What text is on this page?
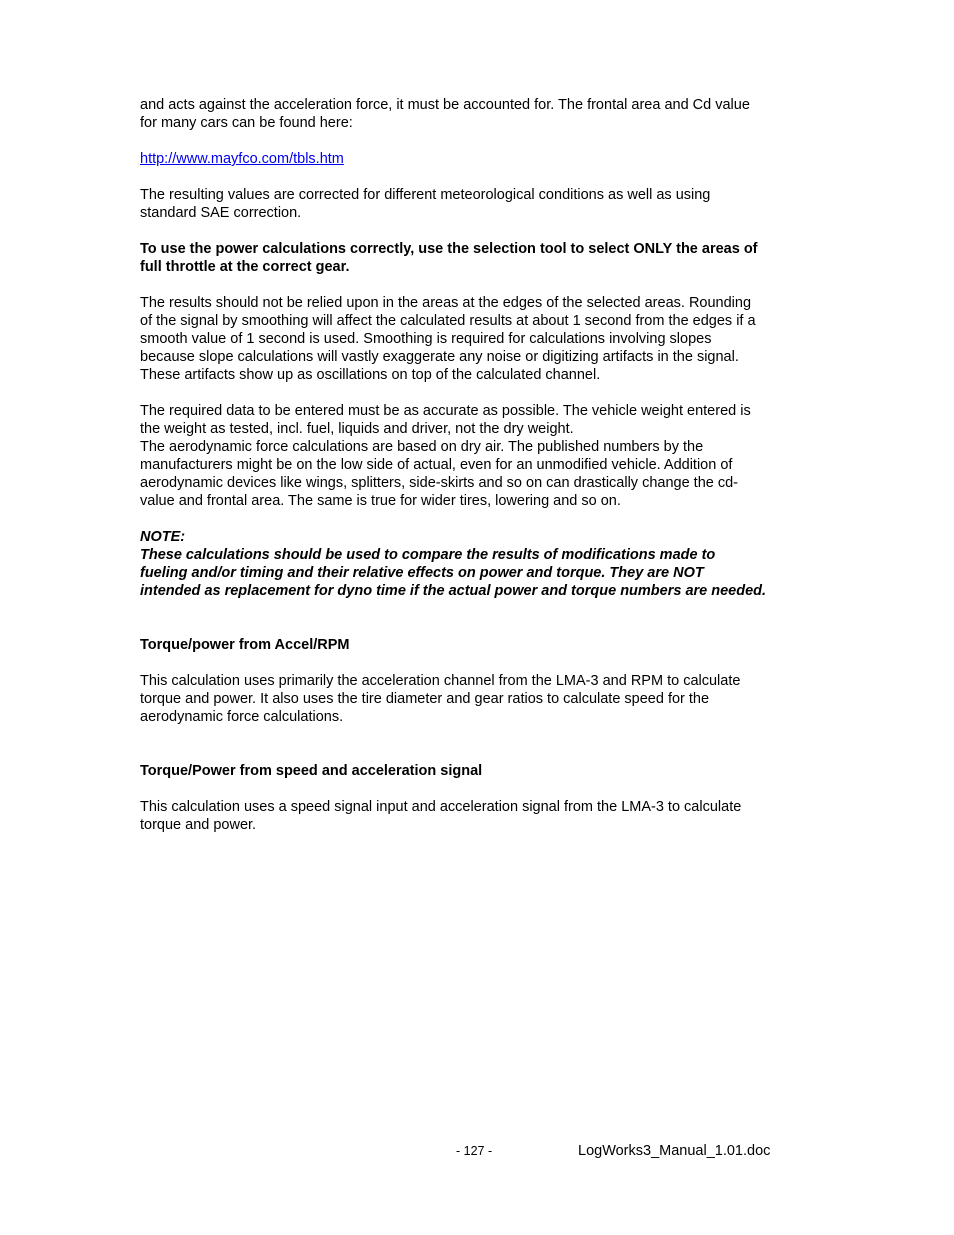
and acts against the acceleration force, it must be accounted for. The frontal area and Cd value
for many cars can be found here:

http://www.mayfco.com/tbls.htm

The resulting values are corrected for different meteorological conditions as well as using
standard SAE correction.

To use the power calculations correctly, use the selection tool to select ONLY the areas of
full throttle at the correct gear.

The results should not be relied upon in the areas at the edges of the selected areas. Rounding
of the signal by smoothing will affect the calculated results at about 1 second from the edges if a
smooth value of 1 second is used. Smoothing is required for calculations involving slopes
because slope calculations will vastly exaggerate any noise or digitizing artifacts in the signal.
These artifacts show up as oscillations on top of the calculated channel.

The required data to be entered must be as accurate as possible. The vehicle weight entered is
the weight as tested, incl. fuel, liquids and driver, not the dry weight.
The aerodynamic force calculations are based on dry air. The published numbers by the
manufacturers might be on the low side of actual, even for an unmodified vehicle. Addition of
aerodynamic devices like wings, splitters, side-skirts and so on can drastically change the cd-
value and frontal area. The same is true for wider tires, lowering and so on.

NOTE:
These calculations should be used to compare the results of modifications made to
fueling and/or timing and their relative effects on power and torque. They are NOT
intended as replacement for dyno time if the actual power and torque numbers are needed.

Torque/power from Accel/RPM

This calculation uses primarily the acceleration channel from the LMA-3 and RPM to calculate
torque and power. It also uses the tire diameter and gear ratios to calculate speed for the
aerodynamic force calculations.

Torque/Power from speed and acceleration signal

This calculation uses a speed signal input and acceleration signal from the LMA-3 to calculate
torque and power.

- 127 -	LogWorks3_Manual_1.01.doc
